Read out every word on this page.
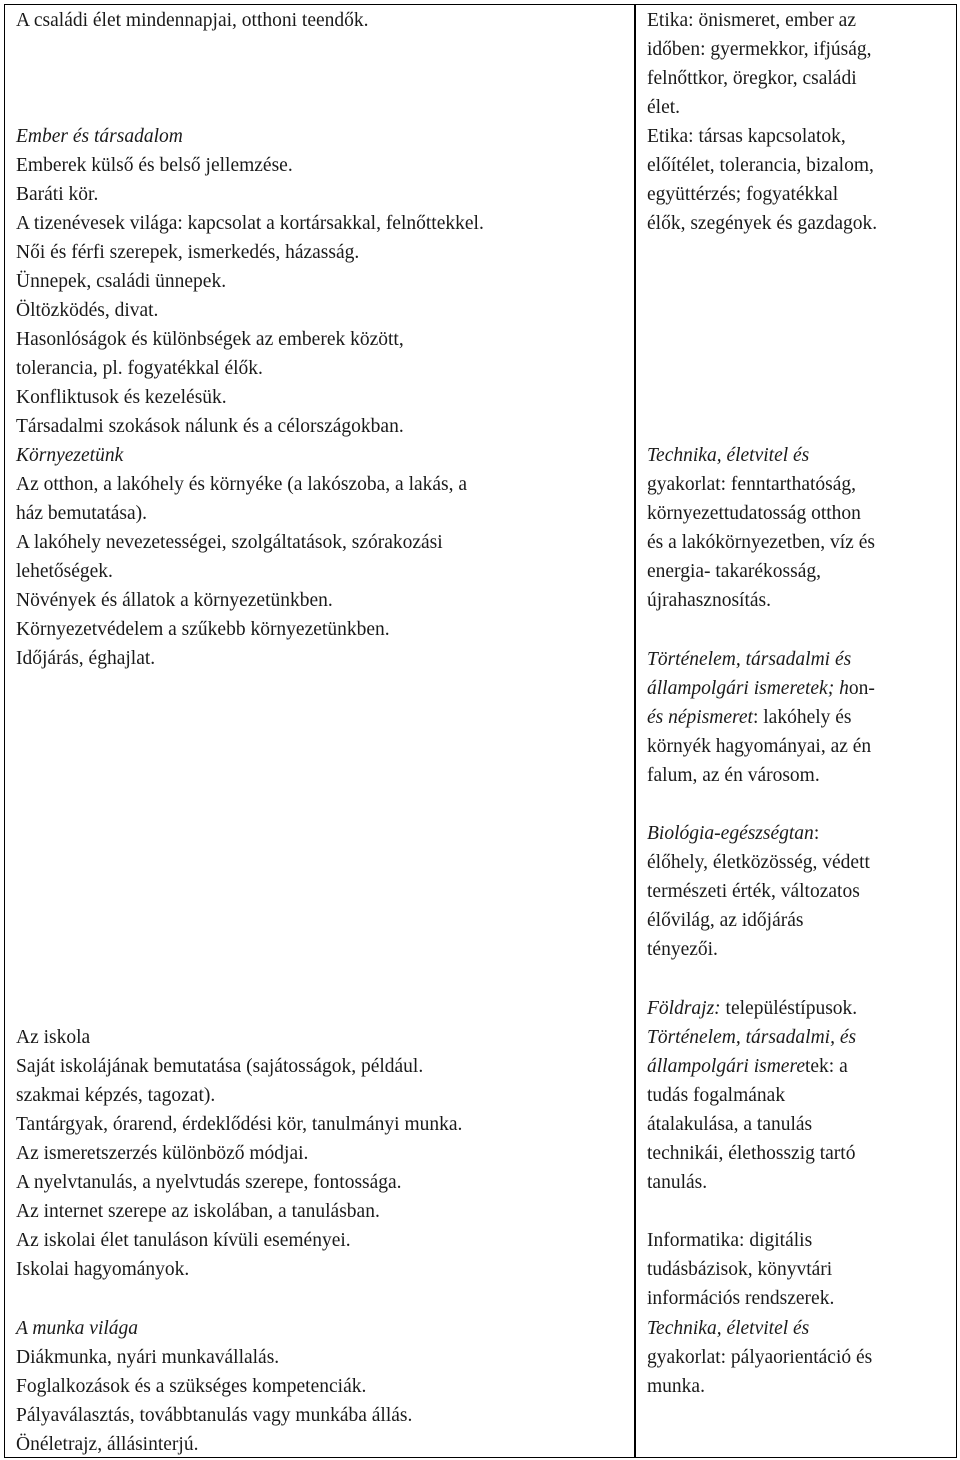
A családi élet mindennapjai, otthoni teendők.
Ember és társadalom
Emberek külső és belső jellemzése.
Baráti kör.
A tizenévesek világa: kapcsolat a kortársakkal, felnőttekkel.
Női és férfi szerepek, ismerkedés, házasság.
Ünnepek, családi ünnepek.
Öltözködés, divat.
Hasonlóságok és különbségek az emberek között,
tolerancia, pl. fogyatékkal élők.
Konfliktusok és kezelésük.
Társadalmi szokások nálunk és a célországokban.
Környezetünk
Az otthon, a lakóhely és környéke (a lakószoba, a lakás, a
ház bemutatása).
A lakóhely nevezetességei, szolgáltatások, szórakozási
lehetőségek.
Növények és állatok a környezetünkben.
Környezetvédelem a szűkebb környezetünkben.
Időjárás, éghajlat.
Az iskola
Saját iskolájának bemutatása (sajátosságok, például.
szakmai képzés, tagozat).
Tantárgyak, órarend, érdeklődési kör, tanulmányi munka.
Az ismeretszerzés különböző módjai.
A nyelvtanulás, a nyelvtudás szerepe, fontossága.
Az internet szerepe az iskolában, a tanulásban.
Az iskolai élet tanuláson kívüli eseményei.
Iskolai hagyományok.
A munka világa
Diákmunka, nyári munkavállalás.
Foglalkozások és a szükséges kompetenciák.
Pályaválasztás, továbbtanulás vagy munkába állás.
Önéletrajz, állásinterjú.
Etika: önismeret, ember az
időben: gyermekkor, ifjúság,
felnőttkor, öregkor, családi
élet.
Etika: társas kapcsolatok,
előítélet, tolerancia, bizalom,
együttérzés; fogyatékkal
élők, szegények és gazdagok.
Technika, életvitel és
gyakorlat: fenntarthatóság,
környezettudatosság otthon
és a lakókörnyezetben, víz és
energia- takarékosság,
újrahasznosítás.
Történelem, társadalmi és
állampolgári ismeretek; hon-
és népismeret: lakóhely és
környék hagyományai, az én
falum, az én városom.
Biológia-egészségtan:
élőhely, életközösség, védett
természeti érték, változatos
élővilág, az időjárás
tényezői.
Földrajz: településtípusok.
Történelem, társadalmi, és
állampolgári ismeretek: a
tudás fogalmának
átalakulása, a tanulás
technikái, élethosszig tartó
tanulás.
Informatika: digitális
tudásbázisok, könyvtári
információs rendszerek.
Technika, életvitel és
gyakorlat: pályaorientáció és
munka.
